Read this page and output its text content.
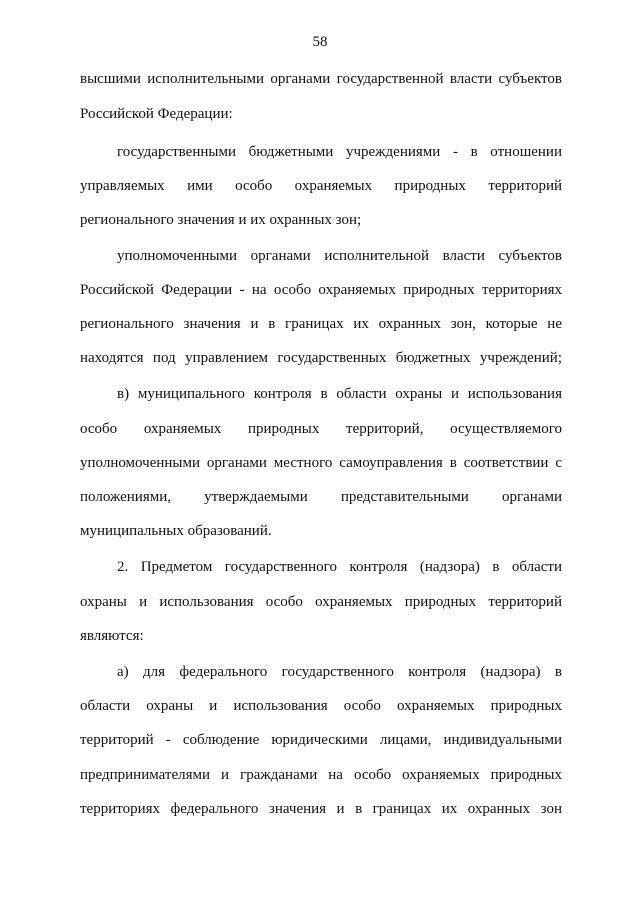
58
высшими исполнительными органами государственной власти субъектов
Российской Федерации:
государственными бюджетными учреждениями - в отношении
управляемых ими особо охраняемых природных территорий
регионального значения и их охранных зон;
уполномоченными органами исполнительной власти субъектов
Российской Федерации - на особо охраняемых природных территориях
регионального значения и в границах их охранных зон, которые не
находятся под управлением государственных бюджетных учреждений;
в) муниципального контроля в области охраны и использования
особо охраняемых природных территорий, осуществляемого
уполномоченными органами местного самоуправления в соответствии с
положениями, утверждаемыми представительными органами
муниципальных образований.
2. Предметом государственного контроля (надзора) в области
охраны и использования особо охраняемых природных территорий
являются:
а) для федерального государственного контроля (надзора) в
области охраны и использования особо охраняемых природных
территорий - соблюдение юридическими лицами, индивидуальными
предпринимателями и гражданами на особо охраняемых природных
территориях федерального значения и в границах их охранных зон
